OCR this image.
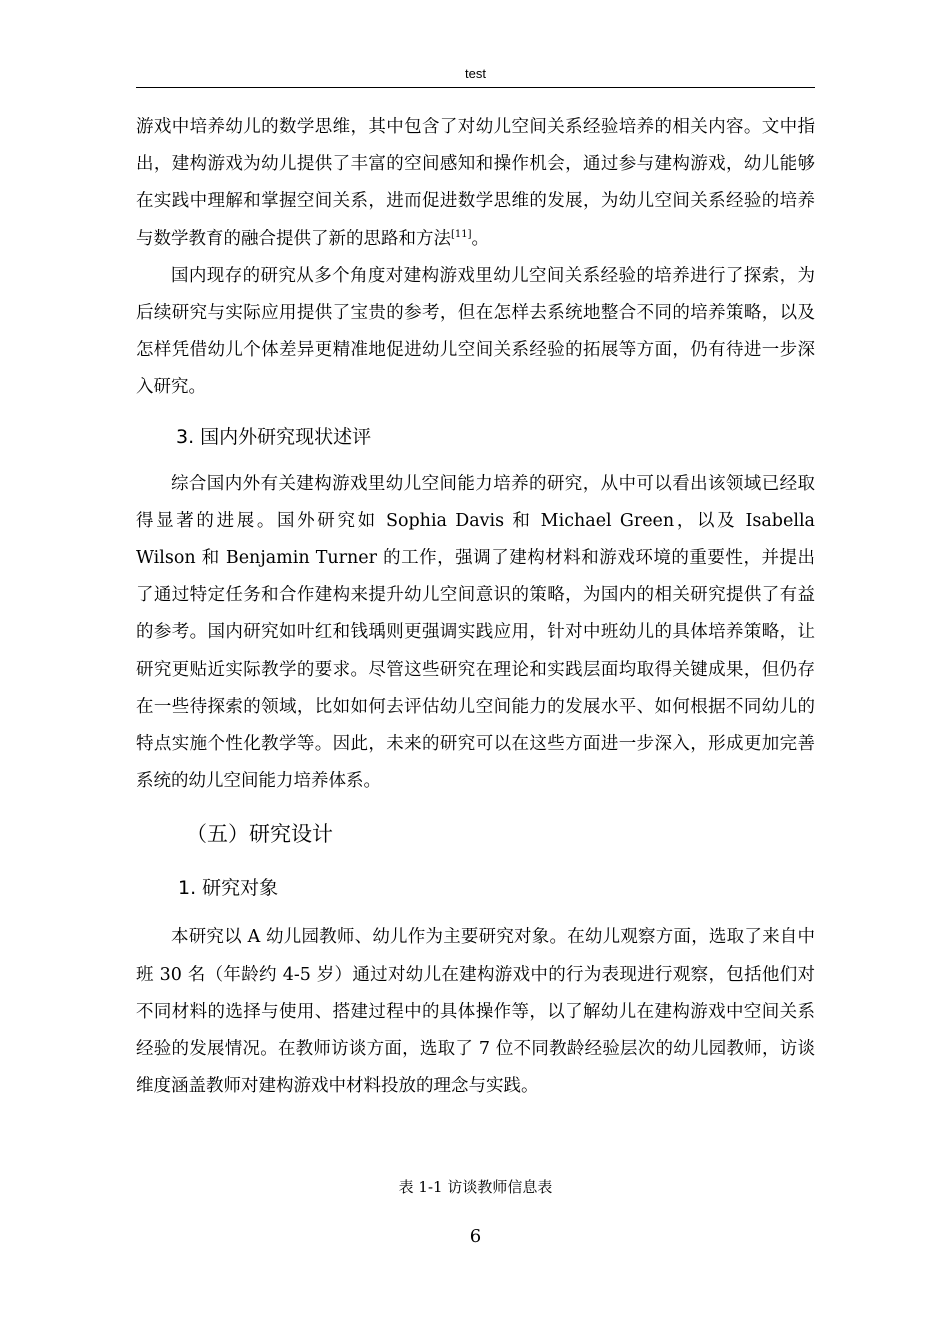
test

游戏中培养幼儿的数学思维，其中包含了对幼儿空间关系经验培养的相关内容。文中指出，建构游戏为幼儿提供了丰富的空间感知和操作机会，通过参与建构游戏，幼儿能够在实践中理解和掌握空间关系，进而促进数学思维的发展，为幼儿空间关系经验的培养与数学教育的融合提供了新的思路和方法[11]。

国内现存的研究从多个角度对建构游戏里幼儿空间关系经验的培养进行了探索，为后续研究与实际应用提供了宝贵的参考，但在怎样去系统地整合不同的培养策略，以及怎样凭借幼儿个体差异更精准地促进幼儿空间关系经验的拓展等方面，仍有待进一步深入研究。

3. 国内外研究现状述评

综合国内外有关建构游戏里幼儿空间能力培养的研究，从中可以看出该领域已经取得显著的进展。国外研究如 Sophia Davis 和 Michael Green，以及 Isabella Wilson 和 Benjamin Turner 的工作，强调了建构材料和游戏环境的重要性，并提出了通过特定任务和合作建构来提升幼儿空间意识的策略，为国内的相关研究提供了有益的参考。国内研究如叶红和钱瑀则更强调实践应用，针对中班幼儿的具体培养策略，让研究更贴近实际教学的要求。尽管这些研究在理论和实践层面均取得关键成果，但仍存在一些待探索的领域，比如如何去评估幼儿空间能力的发展水平、如何根据不同幼儿的特点实施个性化教学等。因此，未来的研究可以在这些方面进一步深入，形成更加完善系统的幼儿空间能力培养体系。

（五）研究设计
1. 研究对象

本研究以 A 幼儿园教师、幼儿作为主要研究对象。在幼儿观察方面，选取了来自中班 30 名（年龄约 4-5 岁）通过对幼儿在建构游戏中的行为表现进行观察，包括他们对不同材料的选择与使用、搭建过程中的具体操作等，以了解幼儿在建构游戏中空间关系经验的发展情况。在教师访谈方面，选取了 7 位不同教龄经验层次的幼儿园教师，访谈维度涵盖教师对建构游戏中材料投放的理念与实践。

表 1-1 访谈教师信息表
6
